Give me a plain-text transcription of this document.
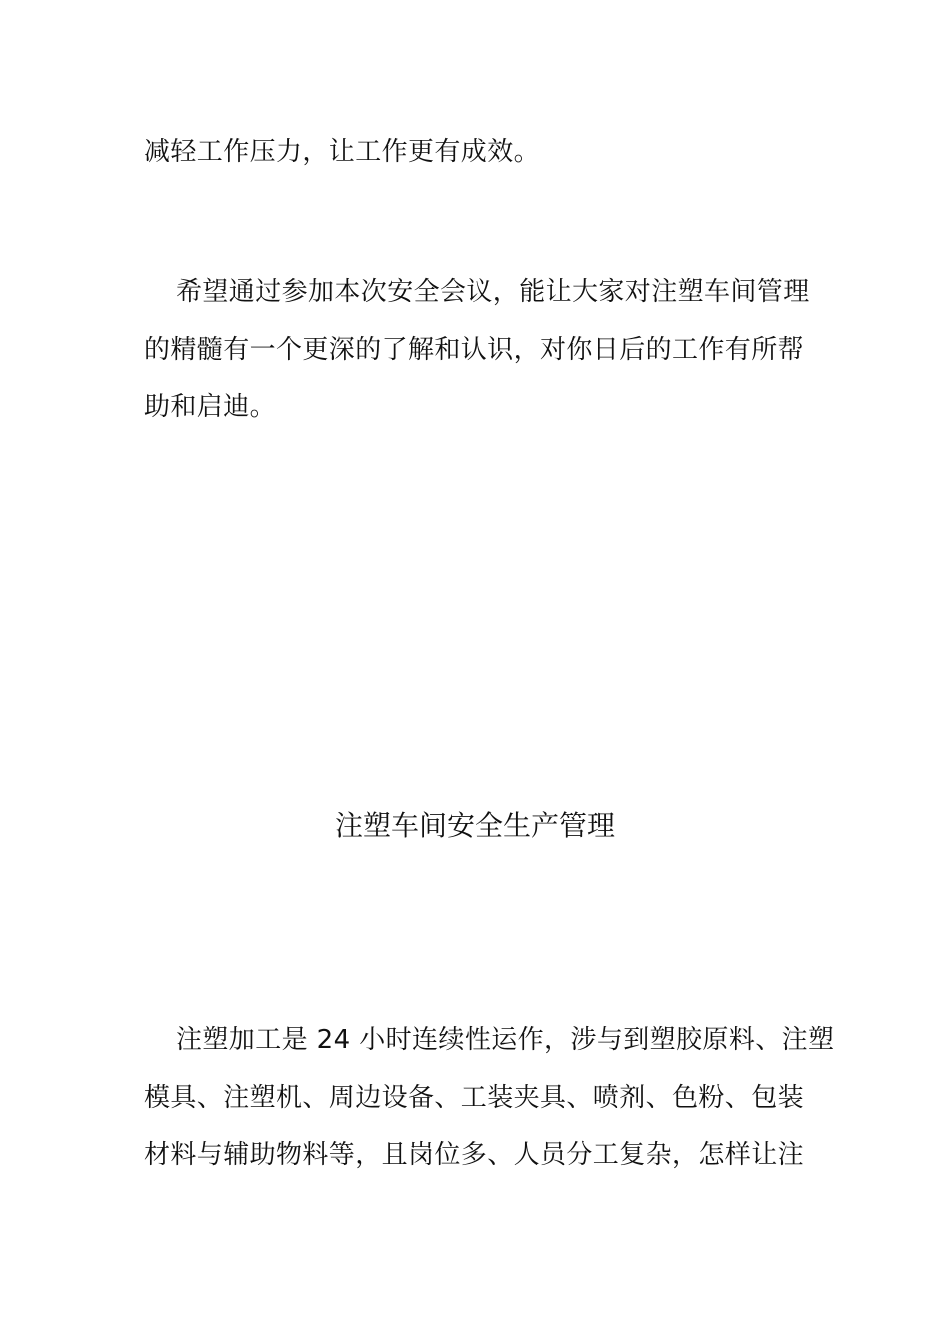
减轻工作压力，让工作更有成效。
希望通过参加本次安全会议，能让大家对注塑车间管理
的精髓有一个更深的了解和认识，对你日后的工作有所帮
助和启迪。
注塑车间安全生产管理
注塑加工是 24 小时连续性运作，涉与到塑胶原料、注塑
模具、注塑机、周边设备、工装夹具、喷剂、色粉、包装
材料与辅助物料等，且岗位多、人员分工复杂，怎样让注
